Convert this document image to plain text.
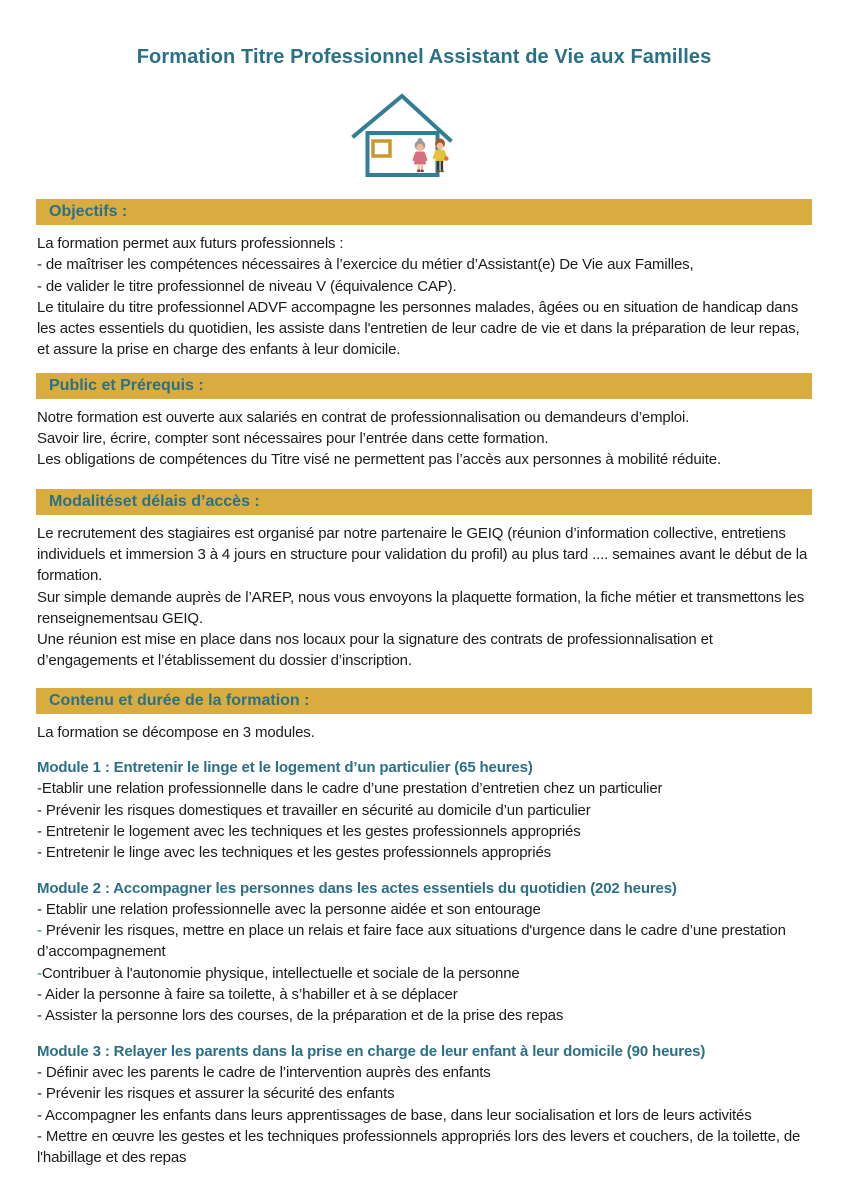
Formation Titre Professionnel Assistant de Vie aux Familles
Objectifs :

La formation permet aux futurs professionnels :

- de maîtriser les compétences nécessaires à l’exercice du métier d’Assistant(e) De Vie aux Familles,

- de valider le titre professionnel de niveau V (équivalence CAP).

Le titulaire du titre professionnel ADVF accompagne les personnes malades, âgées ou en situation de handicap dans les actes essentiels du quotidien, les assiste dans l'entretien de leur cadre de vie et dans la préparation de leur repas, et assure la prise en charge des enfants à leur domicile.

Public et Prérequis :

Notre formation est ouverte aux salariés en contrat de professionnalisation ou demandeurs d’emploi.

Savoir lire, écrire, compter sont nécessaires pour l’entrée dans cette formation.

Les obligations de compétences du Titre visé ne permettent pas l’accès aux personnes à mobilité réduite.

Modalitéset délais d’accès :

Le recrutement des stagiaires est organisé par notre partenaire le GEIQ (réunion d’information collective, entretiens individuels et immersion 3 à 4 jours en structure pour validation du profil) au plus tard .... semaines avant le début de la formation.

Sur simple demande auprès de l’AREP, nous vous envoyons la plaquette formation, la fiche métier et transmettons les renseignementsau GEIQ.

Une réunion est mise en place dans nos locaux pour la signature des contrats de professionnalisation et d’engagements et l’établissement du dossier d’inscription.

Contenu et durée de la formation :

La formation se décompose en 3 modules.

Module 1 : Entretenir le linge et le logement d’un particulier (65 heures)

-Etablir une relation professionnelle dans le cadre d’une prestation d’entretien chez un particulier

- Prévenir les risques domestiques et travailler en sécurité au domicile d’un particulier

- Entretenir le logement avec les techniques et les gestes professionnels appropriés

- Entretenir le linge avec les techniques et les gestes professionnels appropriés

Module 2 : Accompagner les personnes dans les actes essentiels du quotidien (202 heures)

- Etablir une relation professionnelle avec la personne aidée et son entourage

- Prévenir les risques, mettre en place un relais et faire face aux situations d'urgence dans le cadre d’une prestation d’accompagnement

-Contribuer à l'autonomie physique, intellectuelle et sociale de la personne

- Aider la personne à faire sa toilette, à s’habiller et à se déplacer

- Assister la personne lors des courses, de la préparation et de la prise des repas

Module 3 : Relayer les parents dans la prise en charge de leur enfant à leur domicile (90 heures)

- Définir avec les parents le cadre de l’intervention auprès des enfants

- Prévenir les risques et assurer la sécurité des enfants

- Accompagner les enfants dans leurs apprentissages de base, dans leur socialisation et lors de leurs activités

- Mettre en œuvre les gestes et les techniques professionnels appropriés lors des levers et couchers, de la toilette, de l'habillage et des repas
